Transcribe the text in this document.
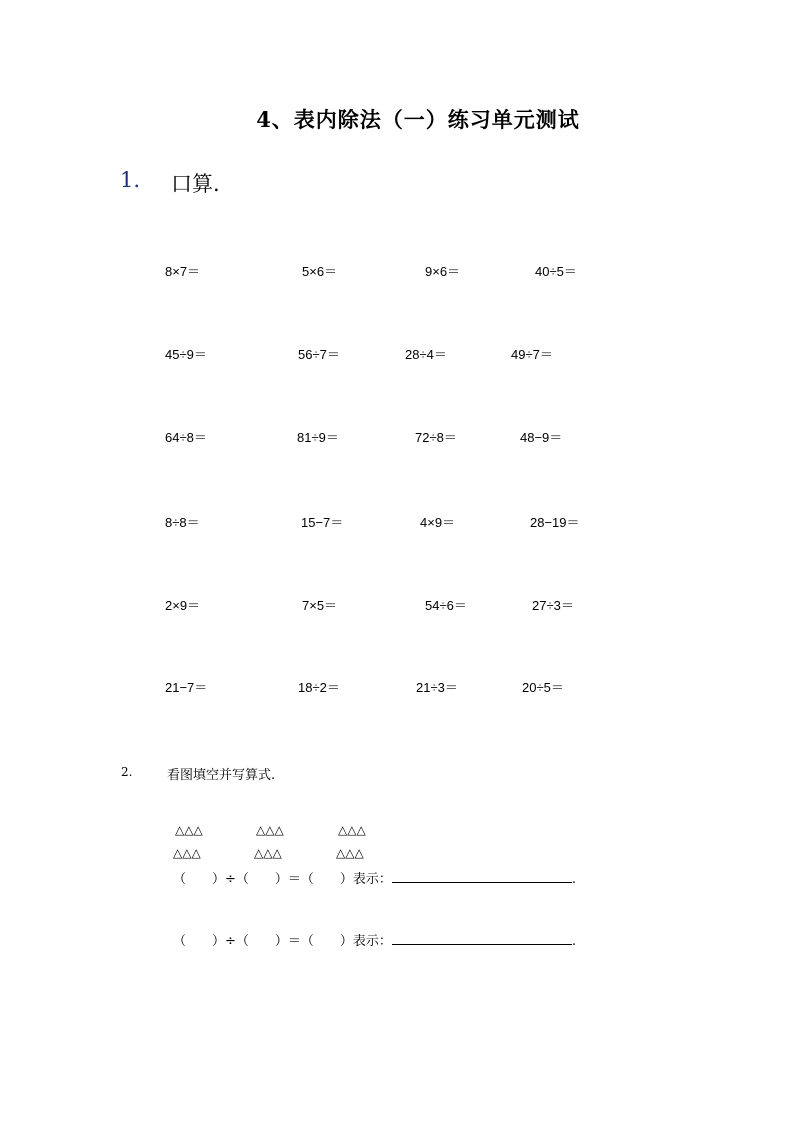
4、表内除法（一）练习单元测试
1. 口算.
8×7＝	5×6＝	9×6＝	40÷5＝
45÷9＝	56÷7＝	28÷4＝	49÷7＝
64÷8＝	81÷9＝	72÷8＝	48−9＝
8÷8＝	15−7＝	4×9＝	28−19＝
2×9＝	7×5＝	54÷6＝	27÷3＝
21−7＝	18÷2＝	21÷3＝	20÷5＝
2.	看图填空并写算式.
△△△	△△△	△△△
△△△	△△△	△△△
（　　）÷（　　）＝（　　）表示：	.
（　　）÷（　　）＝（　　）表示：	.
